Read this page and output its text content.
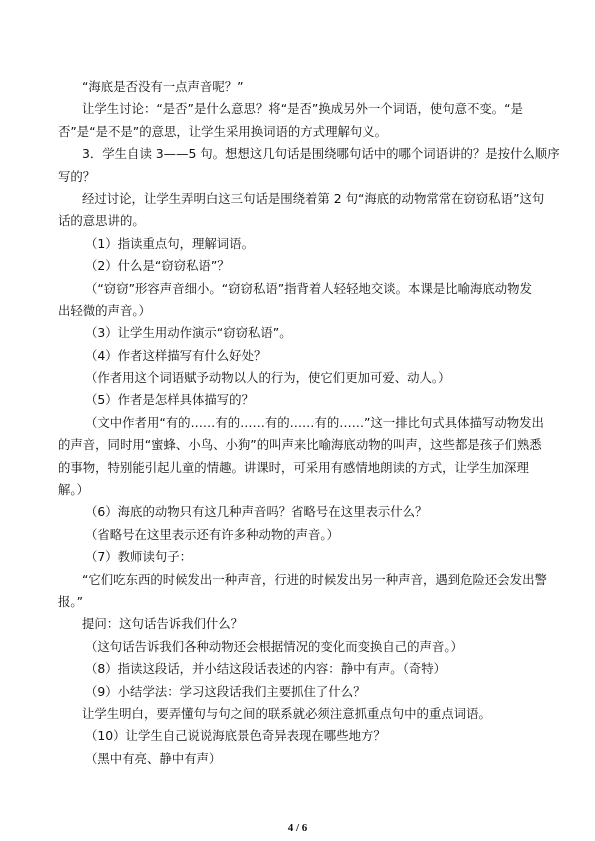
“海底是否没有一点声音呢？”
让学生讨论：“是否”是什么意思？将“是否”换成另外一个词语，使句意不变。“是
否”是“是不是”的意思，让学生采用换词语的方式理解句义。
3．学生自读 3——5 句。想想这几句话是围绕哪句话中的哪个词语讲的？是按什么顺序
写的？
经过讨论，让学生弄明白这三句话是围绕着第 2 句“海底的动物常常在窃窃私语”这句
话的意思讲的。
（1）指读重点句，理解词语。
（2）什么是“窃窃私语”？
（“窃窃”形容声音细小。“窃窃私语”指背着人轻轻地交谈。本课是比喻海底动物发
出轻微的声音。）
（3）让学生用动作演示“窃窃私语”。
（4）作者这样描写有什么好处？
（作者用这个词语赋予动物以人的行为，使它们更加可爱、动人。）
（5）作者是怎样具体描写的？
（文中作者用“有的……有的……有的……有的……”这一排比句式具体描写动物发出
的声音，同时用“蜜蜂、小鸟、小狗”的叫声来比喻海底动物的叫声，这些都是孩子们熟悉
的事物，特别能引起儿童的情趣。讲课时，可采用有感情地朗读的方式，让学生加深理
解。）
（6）海底的动物只有这几种声音吗？省略号在这里表示什么？
（省略号在这里表示还有许多种动物的声音。）
（7）教师读句子：
“它们吃东西的时候发出一种声音，行进的时候发出另一种声音，遇到危险还会发出警
报。”
提问：这句话告诉我们什么？
（这句话告诉我们各种动物还会根据情况的变化而变换自己的声音。）
（8）指读这段话，并小结这段话表述的内容：静中有声。（奇特）
（9）小结学法：学习这段话我们主要抓住了什么？
让学生明白，要弄懂句与句之间的联系就必须注意抓重点句中的重点词语。
（10）让学生自己说说海底景色奇异表现在哪些地方？
（黑中有亮、静中有声）
4 / 6
